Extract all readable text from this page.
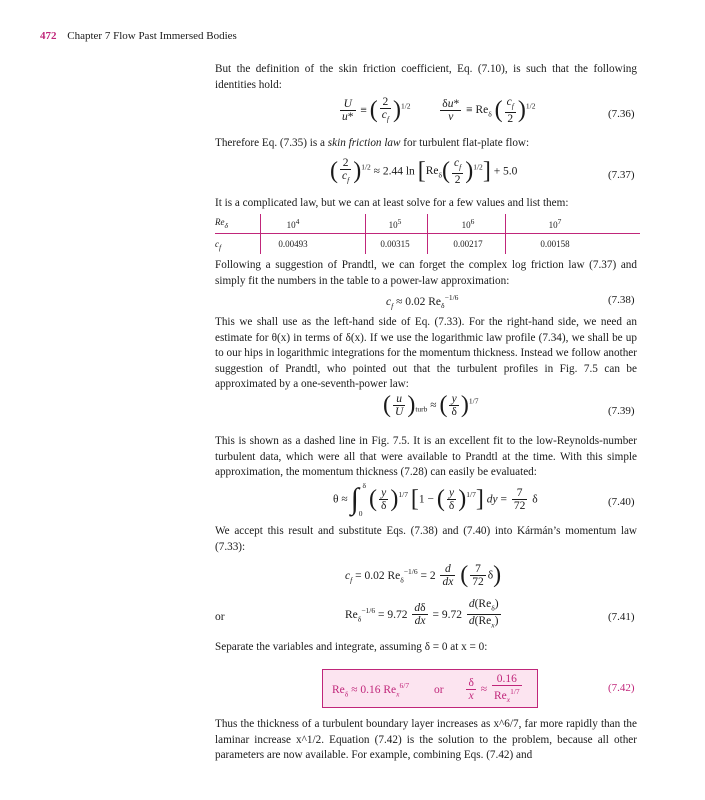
472 Chapter 7 Flow Past Immersed Bodies
But the definition of the skin friction coefficient, Eq. (7.10), is such that the following identities hold:
$\frac{U}{u*}$ ≡ ( $\frac{2}{c_f} )^{1/2}$	$\frac{\delta u*}{\nu} \equiv Re_\delta$ ( $\frac{c_f}{2} )^{1/2}$
(7.36)
Therefore Eq. (7.35) is a skin friction law for turbulent flat-plate flow:
( $\frac{2}{c_f} )^{1/2} \approx 2.44$ $\ln [Re_\delta( \frac{c_f}{2} )^{1/2}] + 5.0$	(7.37)
It is a complicated law, but we can at least solve for a few values and list them:
$Re_\delta$	$10^4$	$10^5$	$10^6$	$10^7$
$c_f$	0.00493	0.00315	0.00217	0.00158
Following a suggestion of Prandtl, we can forget the complex log friction law (7.37) and simply fit the numbers in the table to a power-law approximation:
$c_f \approx 0.02$ $Re_\delta^{-1/6}$	(7.38)
This we shall use as the left-hand side of Eq. (7.33). For the right-hand side, we need an estimate for θ(x) in terms of δ(x). If we use the logarithmic law profile (7.34), we shall be up to our hips in logarithmic integrations for the momentum thickness. Instead we follow another suggestion of Prandtl, who pointed out that the turbulent profiles in Fig. 7.5 can be approximated by a one-seventh-power law:
( $\frac{u}{U} )_{turb}$ ≈ ( $\frac{y}{\delta} )^{1/7}$
(7.39)
This is shown as a dashed line in Fig. 7.5. It is an excellent fit to the low-Reynolds-number turbulent data, which were all that were available to Prandtl at the time. With this simple approximation, the momentum thickness (7.28) can easily be evaluated:
$\theta \approx \int_0^\delta$ ( $\frac{y}{\delta} )^{1/7}$ [1 − ( $\frac{y}{\delta} )^{1/7}$] dy = $\frac{7}{72}$ δ	(7.40)
We accept this result and substitute Eqs. (7.38) and (7.40) into Kármán’s momentum law (7.33):
$c_f = 0.02$ $Re_\delta^{-1/6} = 2 \frac{d}{dx}$ ( $\frac{7}{72} \delta$)
or	$Re_\delta^{-1/6} = 9.72 \frac{d\delta}{dx} = 9.72 \frac{d(Re_\delta)}{d(Re_x)}$	(7.41)
Separate the variables and integrate, assuming δ = 0 at x = 0:
$Re_\delta \approx 0.16$ $Re_x^{6/7}$ or $\frac{\delta}{x} \approx \frac{0.16}{Re_x^{1/7}}$	(7.42)
Thus the thickness of a turbulent boundary layer increases as x^6/7, far more rapidly than the laminar increase x^1/2. Equation (7.42) is the solution to the problem, because all other parameters are now available. For example, combining Eqs. (7.42) and
